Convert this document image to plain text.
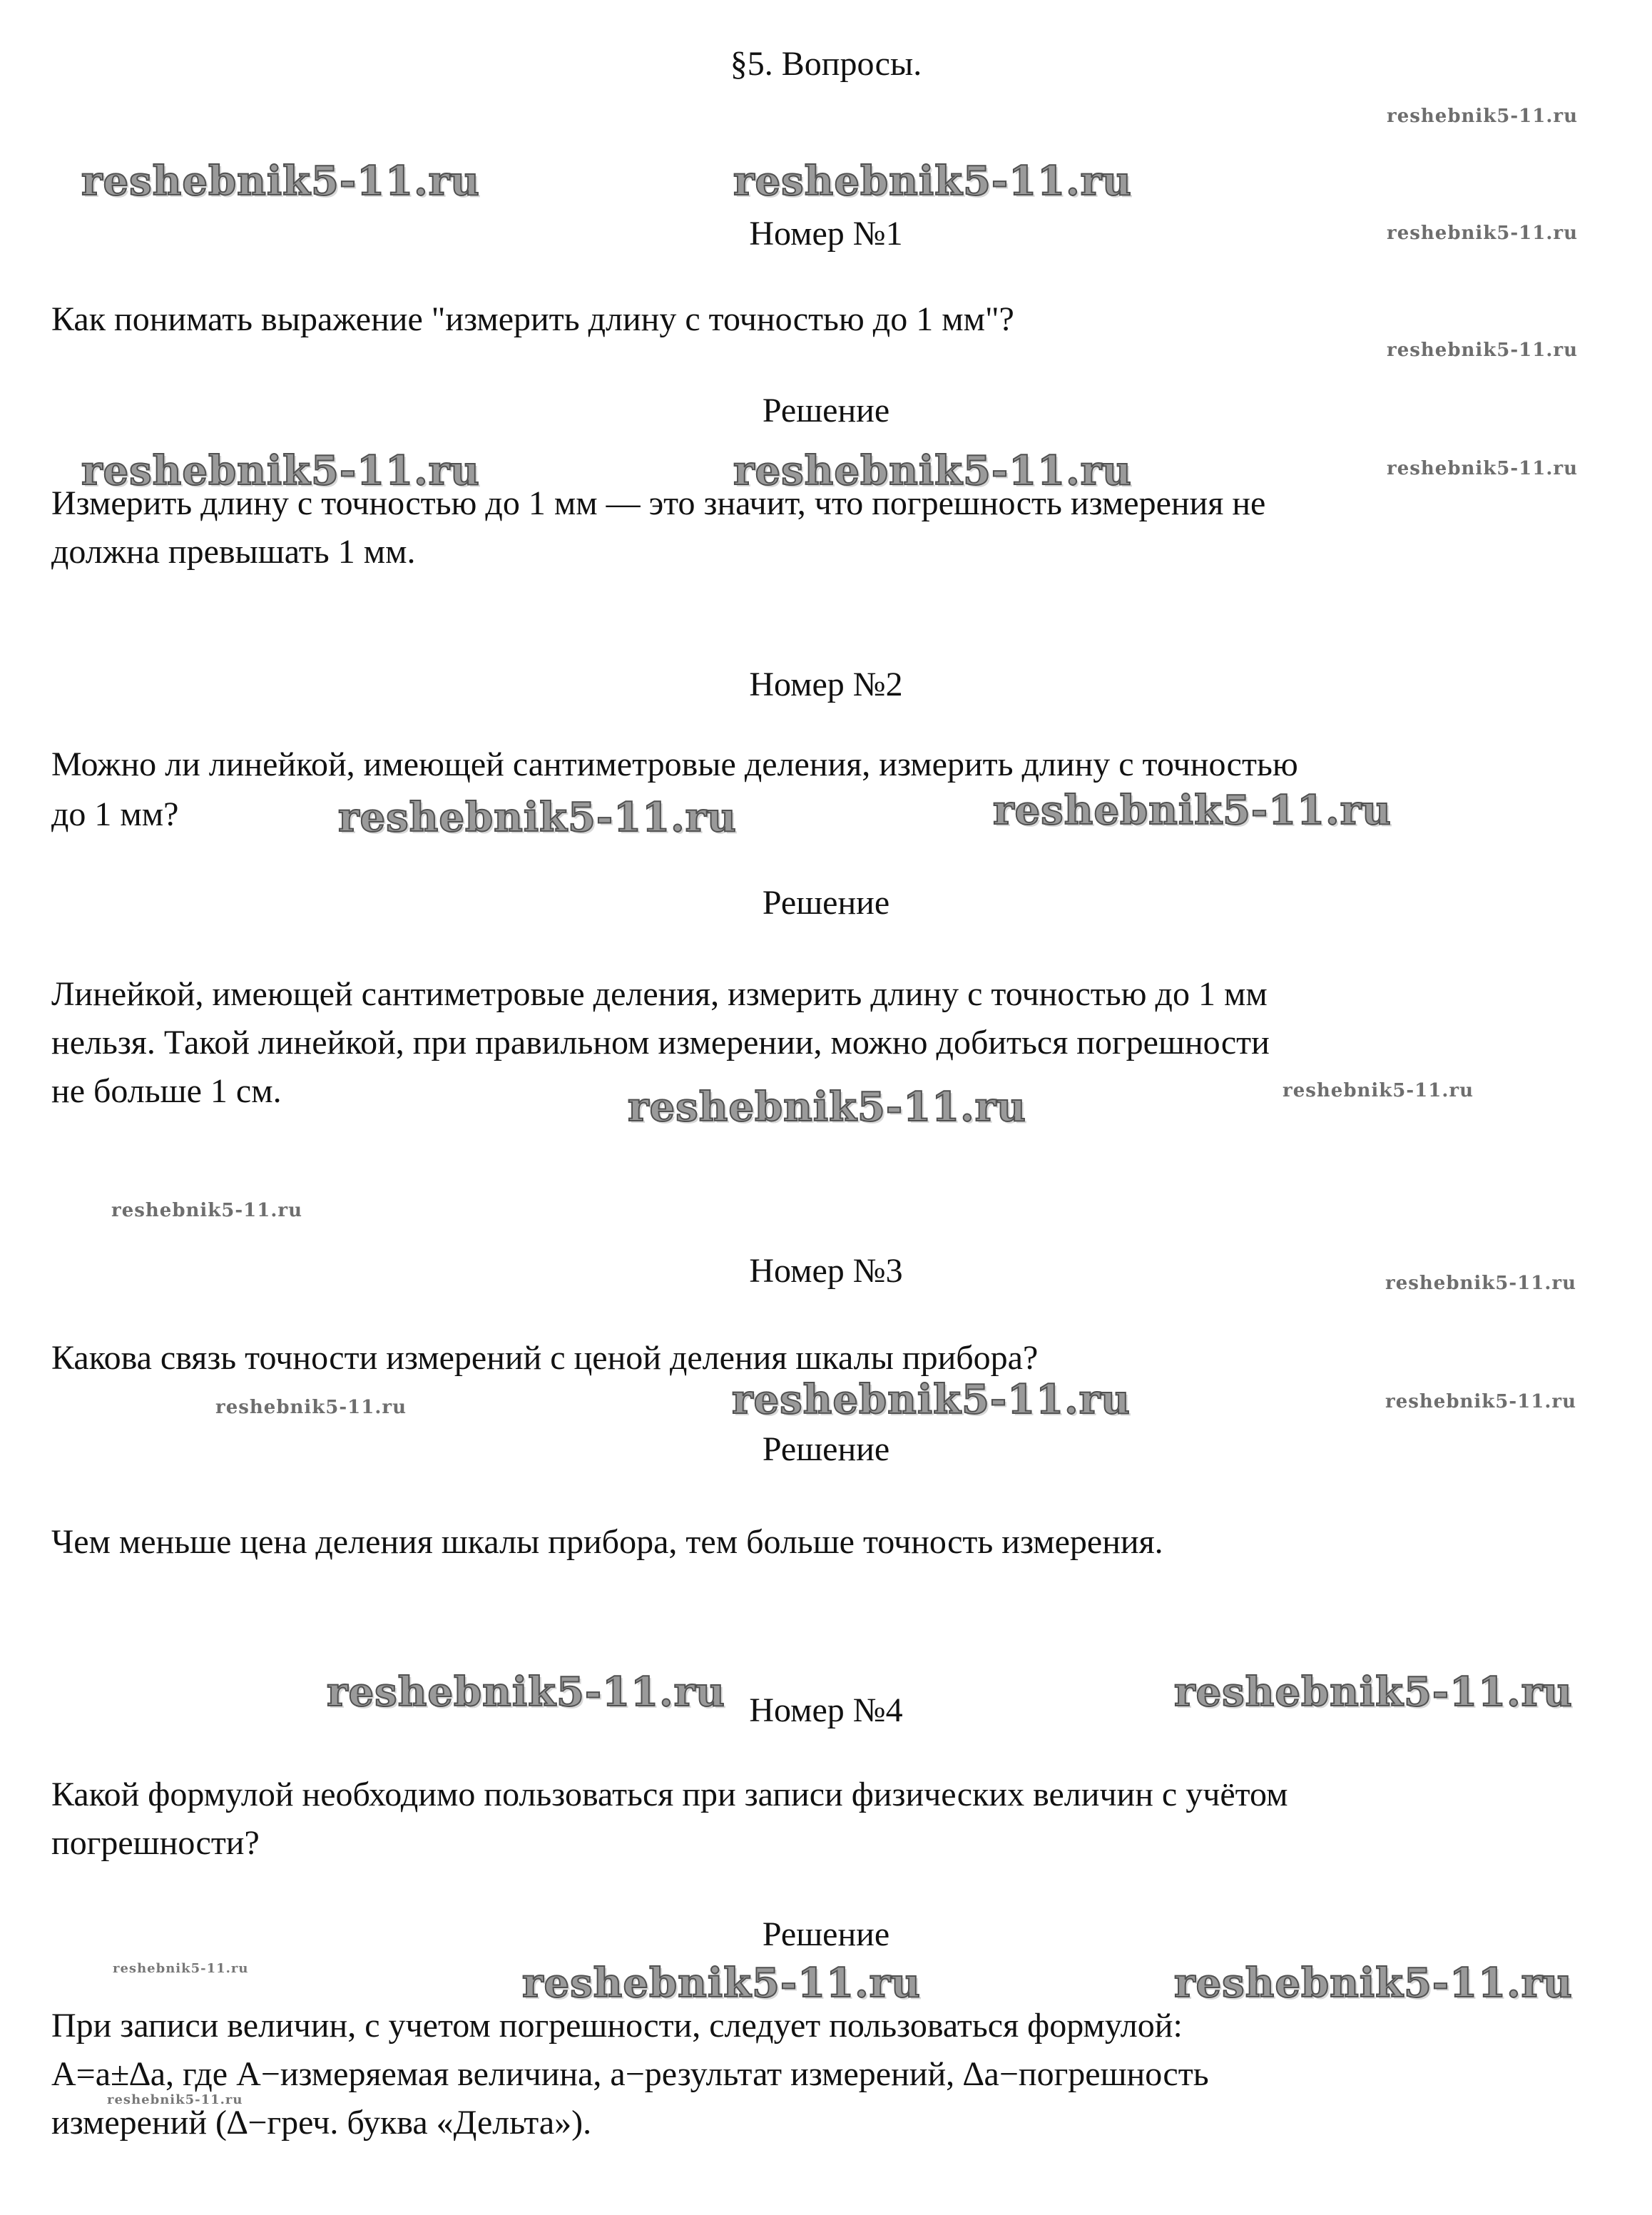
§5. Вопросы.
Номер №1

Как понимать выражение "измерить длину с точностью до 1 мм"?

Решение

Измерить длину с точностью до 1 мм — это значит, что погрешность измерения не

должна превышать 1 мм.

Номер №2

Можно ли линейкой, имеющей сантиметровые деления, измерить длину с точностью

до 1 мм?

Решение

Линейкой, имеющей сантиметровые деления, измерить длину с точностью до 1 мм

нельзя. Такой линейкой, при правильном измерении, можно добиться погрешности

не больше 1 см.

Номер №3

Какова связь точности измерений с ценой деления шкалы прибора?

Решение

Чем меньше цена деления шкалы прибора, тем больше точность измерения.

Номер №4

Какой формулой необходимо пользоваться при записи физических величин с учётом

погрешности?

Решение

При записи величин, с учетом погрешности, следует пользоваться формулой:

А=а±∆а, где А−измеряемая величина, а−результат измерений, ∆а−погрешность

измерений (∆−греч. буква «Дельта»).

reshebnik5-11.ru
reshebnik5-11.ru	reshebnik5-11.ru
reshebnik5-11.ru
reshebnik5-11.ru
reshebnik5-11.ru	reshebnik5-11.ru	reshebnik5-11.ru
reshebnik5-11.ru	reshebnik5-11.ru
reshebnik5-11.ru	reshebnik5-11.ru
reshebnik5-11.ru
reshebnik5-11.ru
reshebnik5-11.ru	reshebnik5-11.ru	reshebnik5-11.ru
reshebnik5-11.ru	reshebnik5-11.ru
reshebnik5-11.ru	reshebnik5-11.ru	reshebnik5-11.ru
reshebnik5-11.ru
